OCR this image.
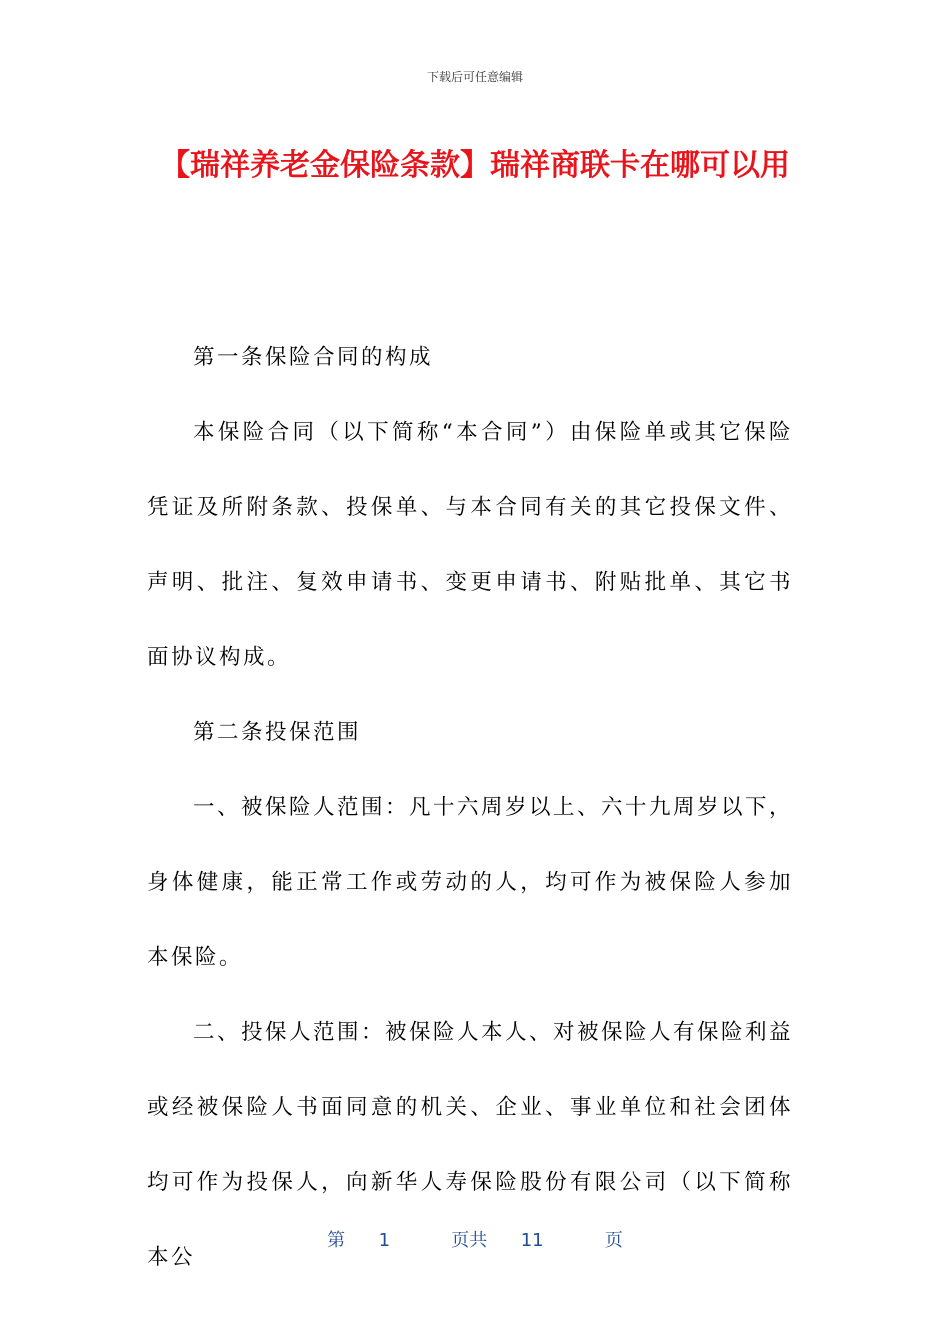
下载后可任意编辑
【瑞祥养老金保险条款】瑞祥商联卡在哪可以用

第一条保险合同的构成

本保险合同（以下简称“本合同”）由保险单或其它保险凭证及所附条款、投保单、与本合同有关的其它投保文件、声明、批注、复效申请书、变更申请书、附贴批单、其它书面协议构成。

第二条投保范围

一、被保险人范围：凡十六周岁以上、六十九周岁以下，身体健康，能正常工作或劳动的人，均可作为被保险人参加本保险。

二、投保人范围：被保险人本人、对被保险人有保险利益或经被保险人书面同意的机关、企业、事业单位和社会团体均可作为投保人，向新华人寿保险股份有限公司（以下简称本公

第 1	页共 11	页
